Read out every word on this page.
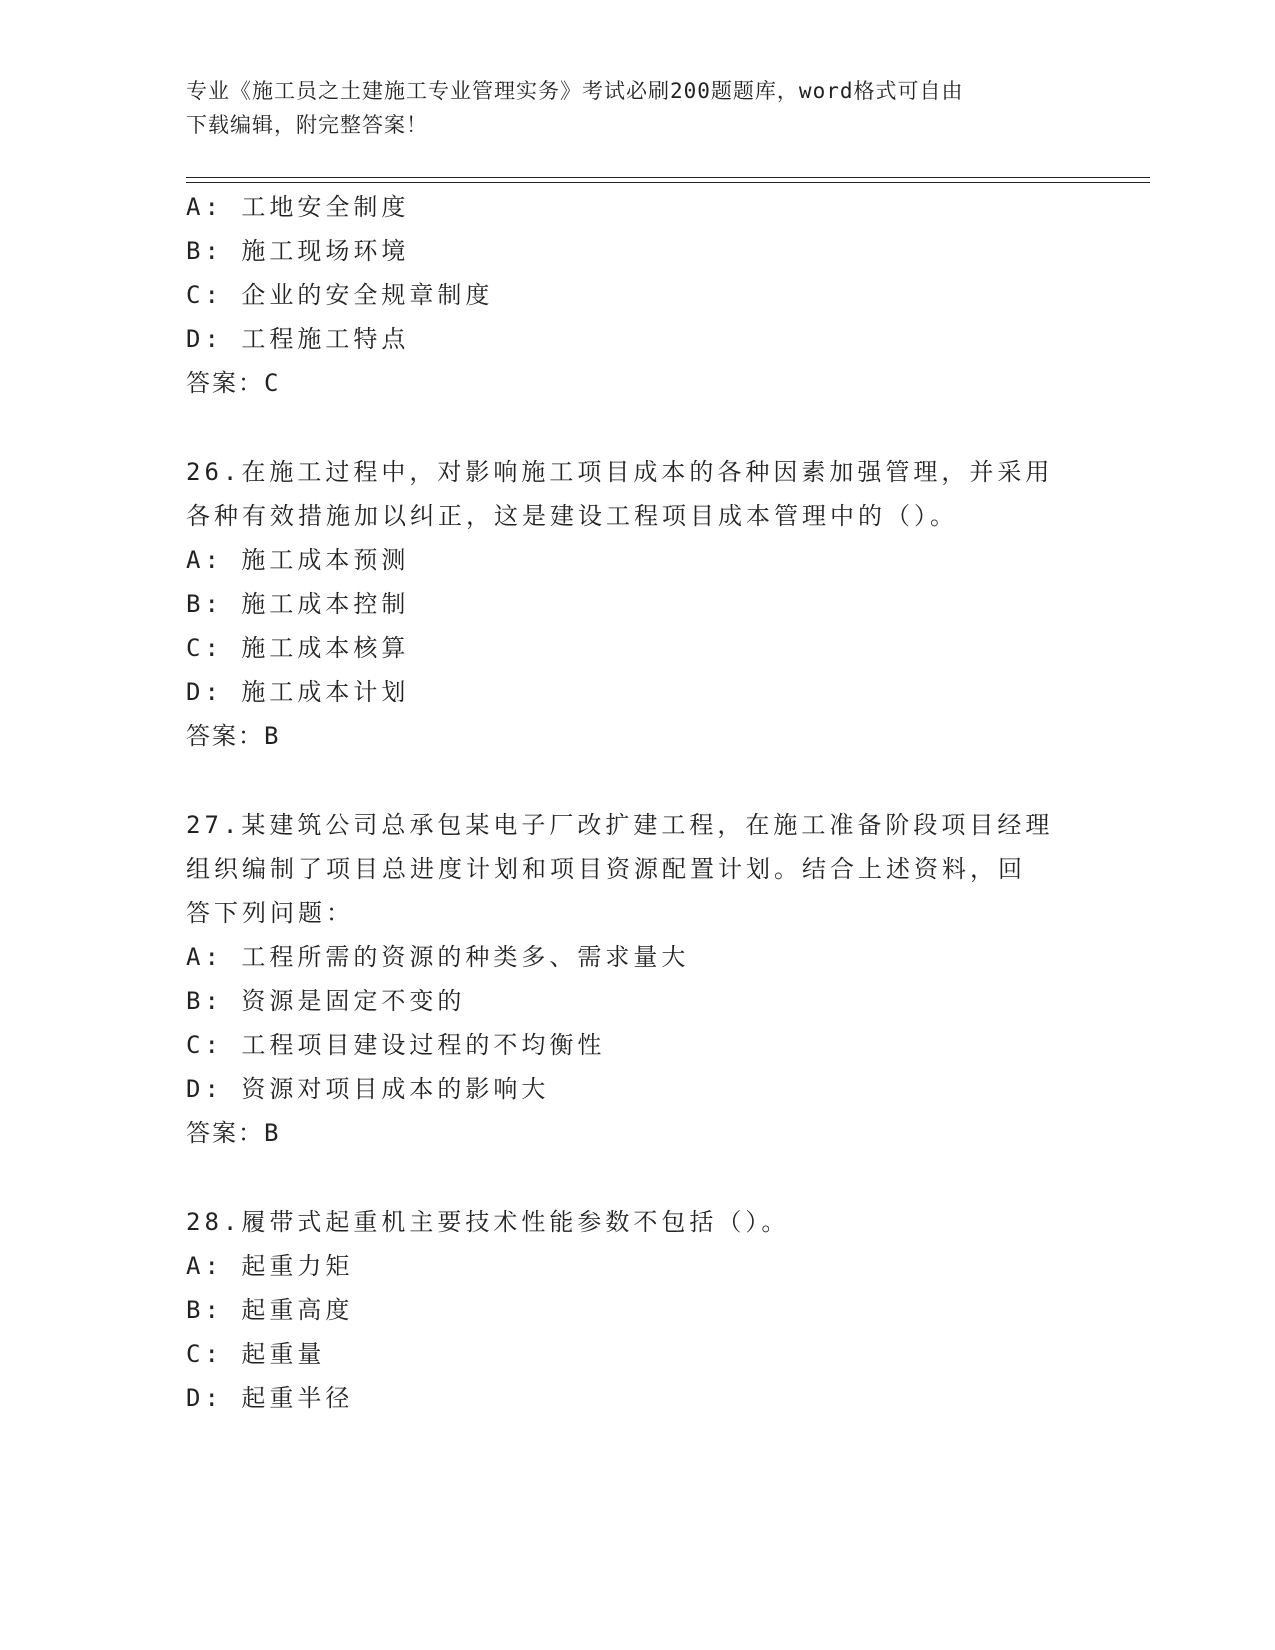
专业《施工员之土建施工专业管理实务》考试必刷200题题库，word格式可自由
下载编辑，附完整答案！
A: 工地安全制度
B: 施工现场环境
C: 企业的安全规章制度
D: 工程施工特点
答案：C
26.在施工过程中，对影响施工项目成本的各种因素加强管理，并采用
各种有效措施加以纠正，这是建设工程项目成本管理中的（）。
A: 施工成本预测
B: 施工成本控制
C: 施工成本核算
D: 施工成本计划
答案：B
27.某建筑公司总承包某电子厂改扩建工程，在施工准备阶段项目经理
组织编制了项目总进度计划和项目资源配置计划。结合上述资料，回
答下列问题：
A: 工程所需的资源的种类多、需求量大
B: 资源是固定不变的
C: 工程项目建设过程的不均衡性
D: 资源对项目成本的影响大
答案：B
28.履带式起重机主要技术性能参数不包括（）。
A: 起重力矩
B: 起重高度
C: 起重量
D: 起重半径
